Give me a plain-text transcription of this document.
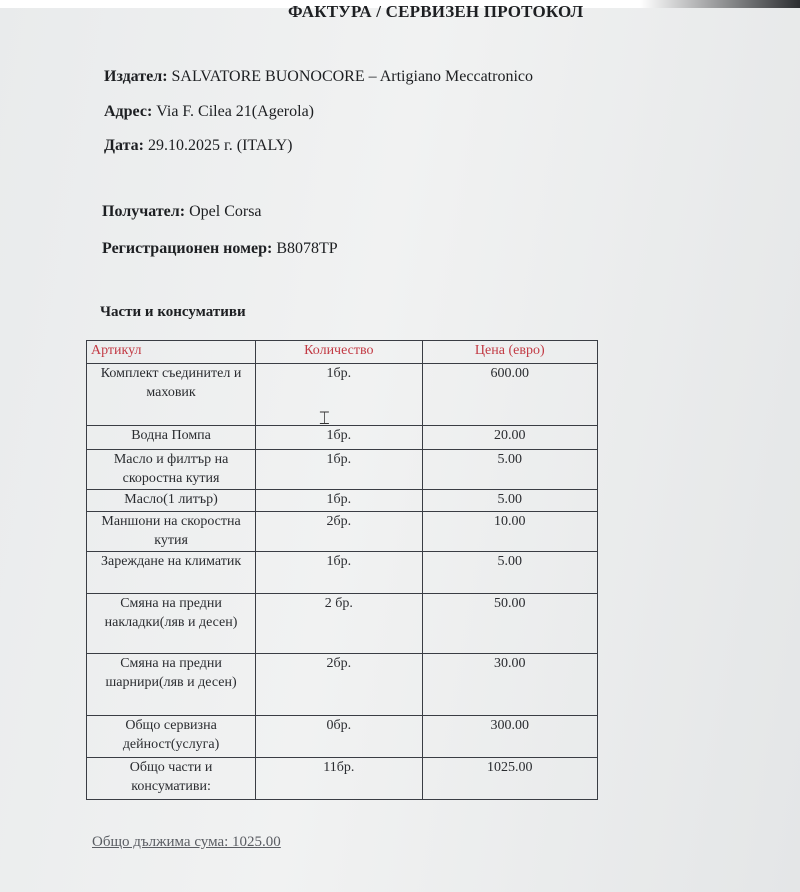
ФАКТУРА / СЕРВИЗЕН ПРОТОКОЛ
Издател: SALVATORE BUONOCORE – Artigiano Meccatronico
Адрес: Via F. Cilea 21(Agerola)
Дата: 29.10.2025 г. (ITALY)
Получател: Opel Corsa
Регистрационен номер: B8078TP
Части и консумативи
Артикул	Количество	Цена (евро)
Комплект съединител и маховик	1бр.	600.00
Водна Помпа	1бр.	20.00
Масло и филтър на скоростна кутия	1бр.	5.00
Масло(1 литър)	1бр.	5.00
Маншони на скоростна кутия	2бр.	10.00
Зареждане на климатик	1бр.	5.00
Смяна на предни накладки(ляв и десен)	2 бр.	50.00
Смяна на предни шарнири(ляв и десен)	2бр.	30.00
Общо сервизна дейност(услуга)	0бр.	300.00
Общо части и консумативи:	11бр.	1025.00
⌶
Общо дължима сума: 1025.00
